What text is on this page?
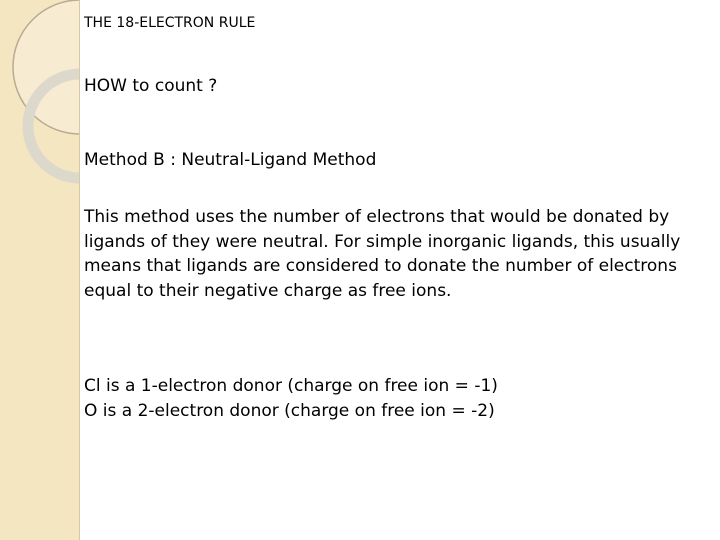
THE 18-ELECTRON RULE
HOW to count ?
Method B : Neutral-Ligand Method
This method uses the number of electrons that would be donated by ligands of they were neutral. For simple inorganic ligands, this usually means that ligands are considered to donate the number of electrons equal to their negative charge as free ions.
Cl is a 1-electron donor (charge on free ion = -1)
O is a 2-electron donor (charge on free ion = -2)
